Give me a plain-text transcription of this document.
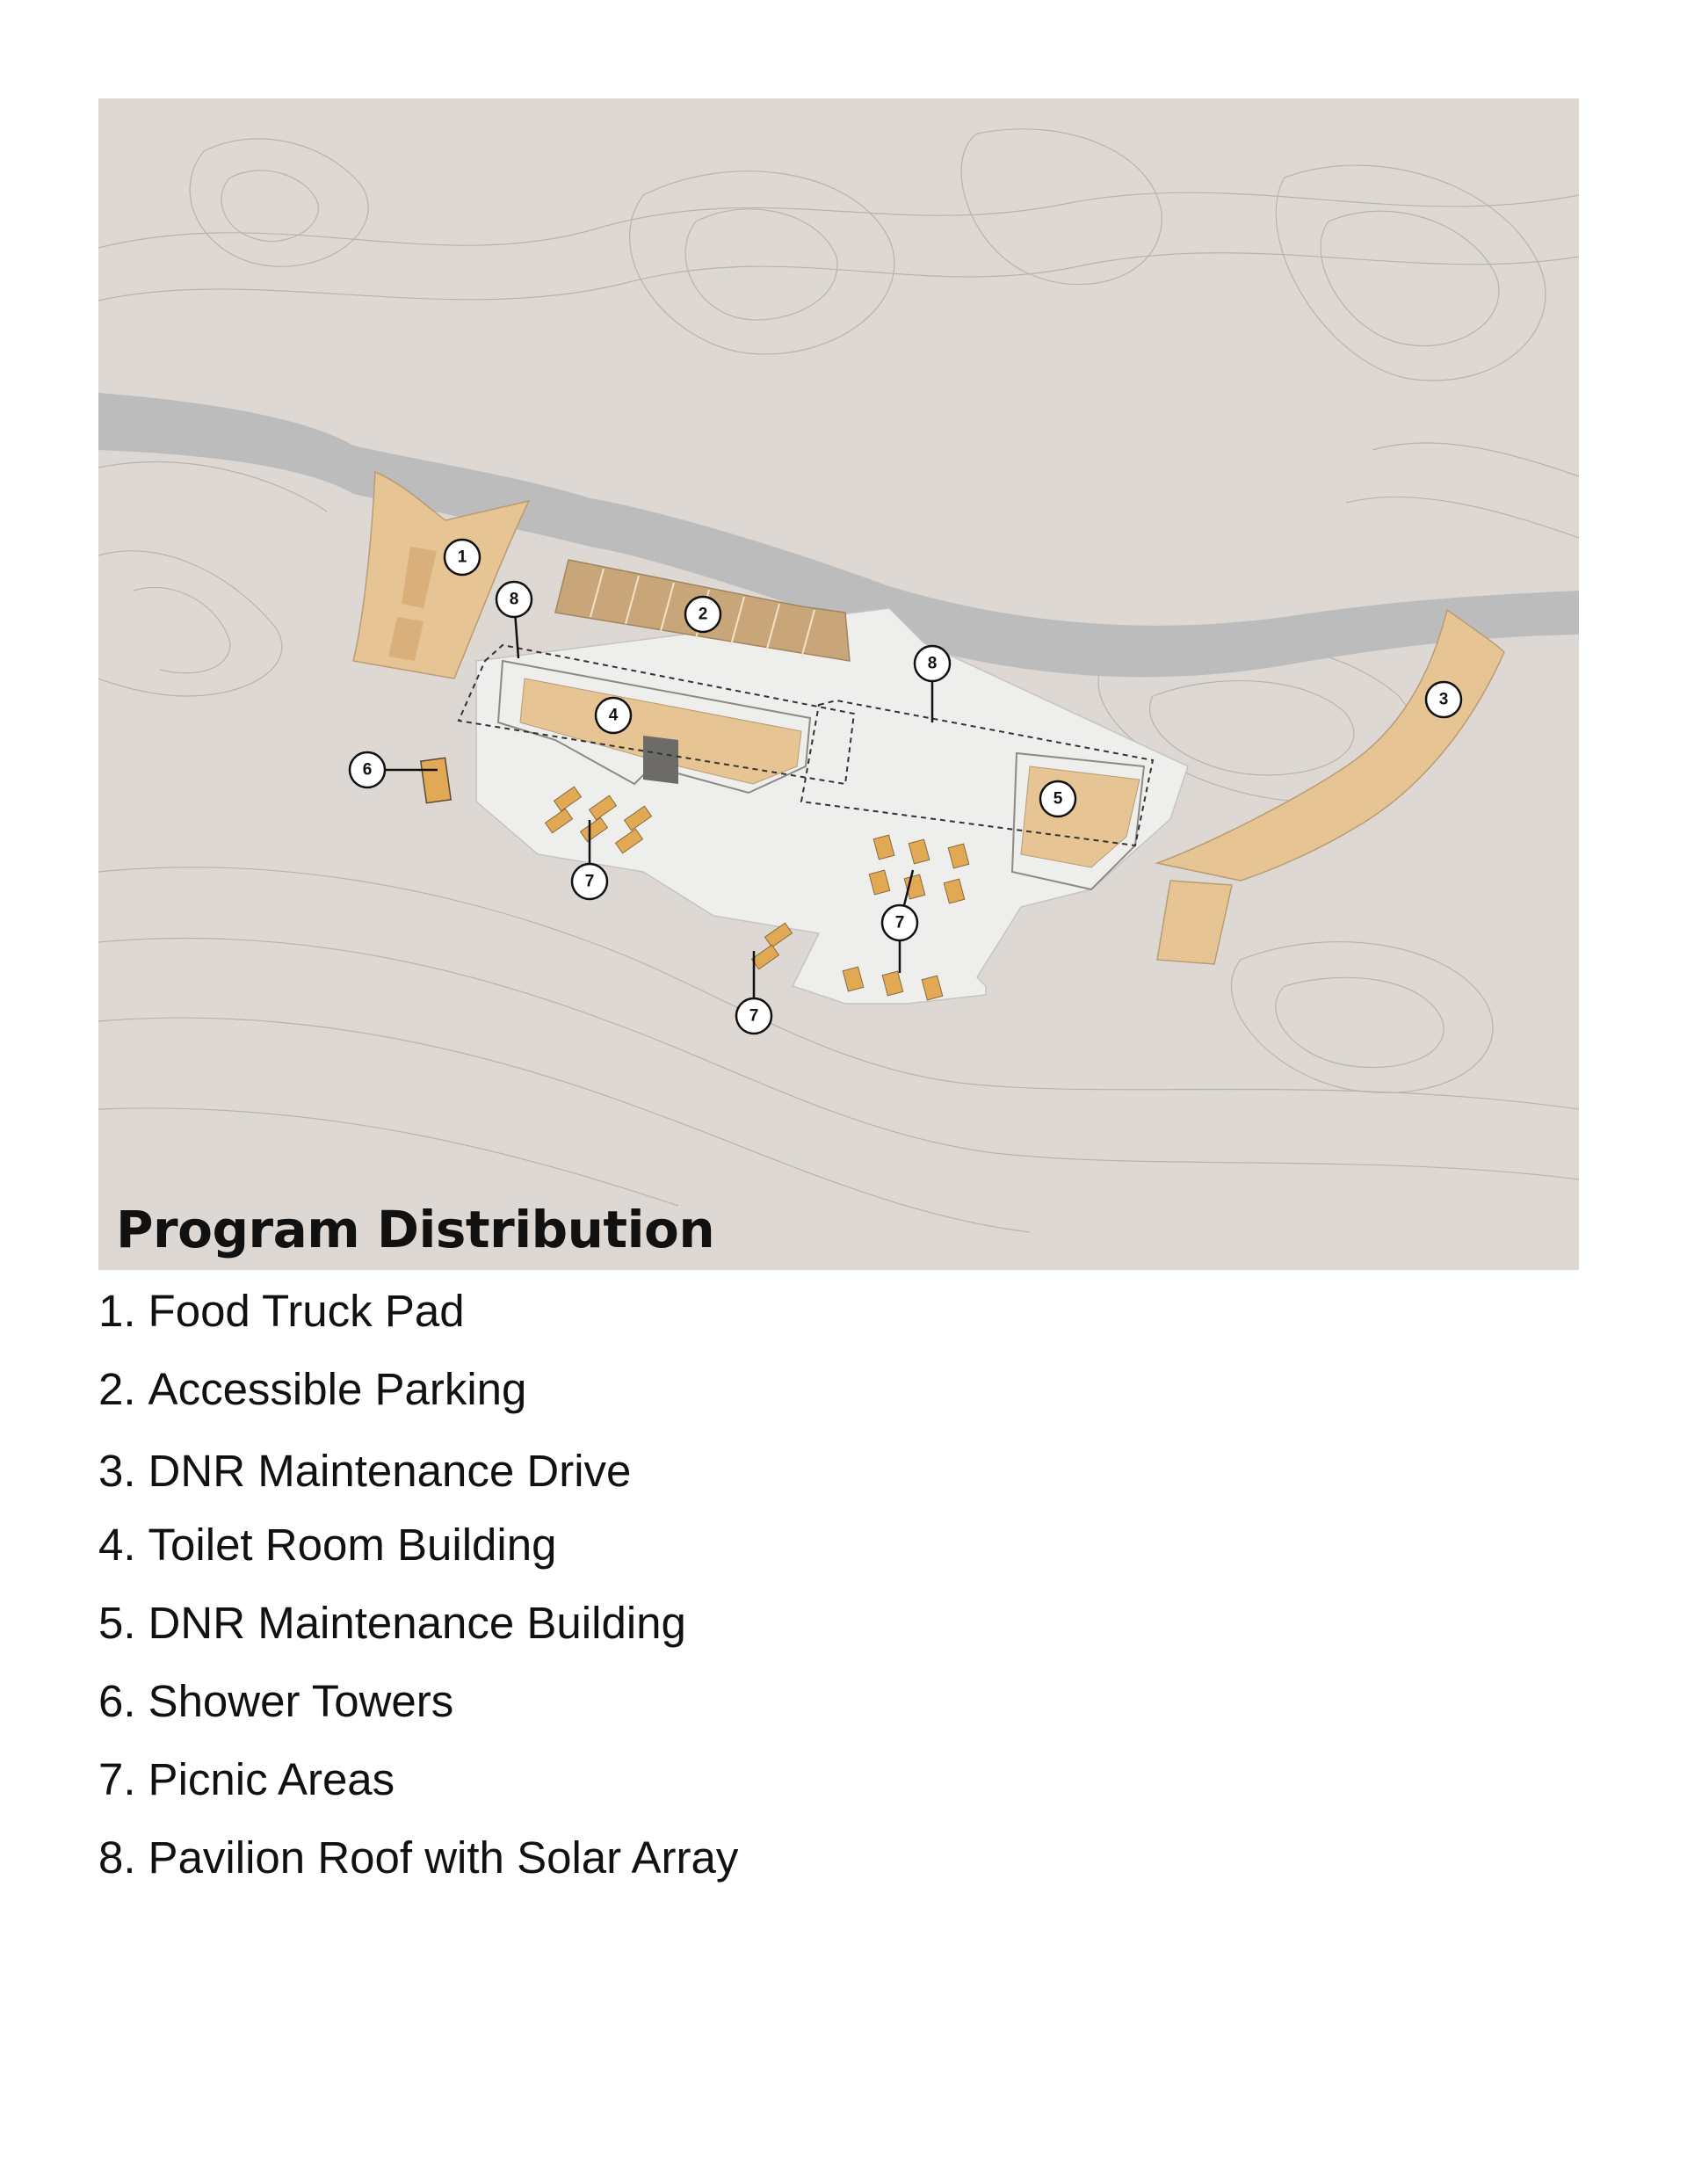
1
8
2
8
3
4
6
5
7
7
7
Program Distribution
1. Food Truck Pad
2. Accessible Parking
3. DNR Maintenance Drive
4. Toilet Room Building
5. DNR Maintenance Building
6. Shower Towers
7. Picnic Areas
8. Pavilion Roof with Solar Array
